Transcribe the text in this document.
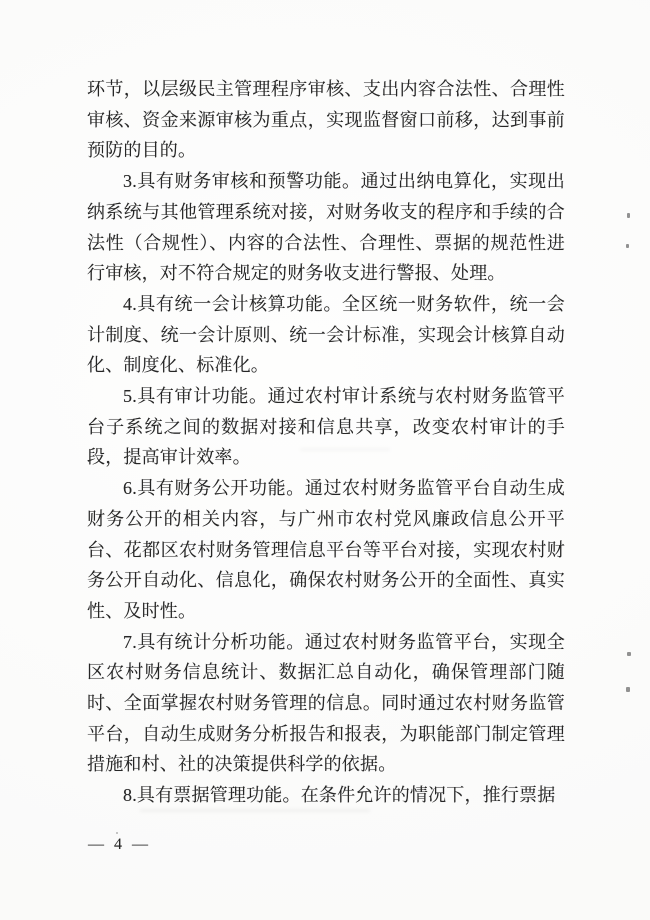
环节，以层级民主管理程序审核、支出内容合法性、合理性审核、资金来源审核为重点，实现监督窗口前移，达到事前预防的目的。

3.具有财务审核和预警功能。通过出纳电算化，实现出纳系统与其他管理系统对接，对财务收支的程序和手续的合法性（合规性）、内容的合法性、合理性、票据的规范性进行审核，对不符合规定的财务收支进行警报、处理。

4.具有统一会计核算功能。全区统一财务软件，统一会计制度、统一会计原则、统一会计标准，实现会计核算自动化、制度化、标准化。

5.具有审计功能。通过农村审计系统与农村财务监管平台子系统之间的数据对接和信息共享，改变农村审计的手段，提高审计效率。

6.具有财务公开功能。通过农村财务监管平台自动生成财务公开的相关内容，与广州市农村党风廉政信息公开平台、花都区农村财务管理信息平台等平台对接，实现农村财务公开自动化、信息化，确保农村财务公开的全面性、真实性、及时性。

7.具有统计分析功能。通过农村财务监管平台，实现全区农村财务信息统计、数据汇总自动化，确保管理部门随时、全面掌握农村财务管理的信息。同时通过农村财务监管平台，自动生成财务分析报告和报表，为职能部门制定管理措施和村、社的决策提供科学的依据。

8.具有票据管理功能。在条件允许的情况下，推行票据

— 4 —
